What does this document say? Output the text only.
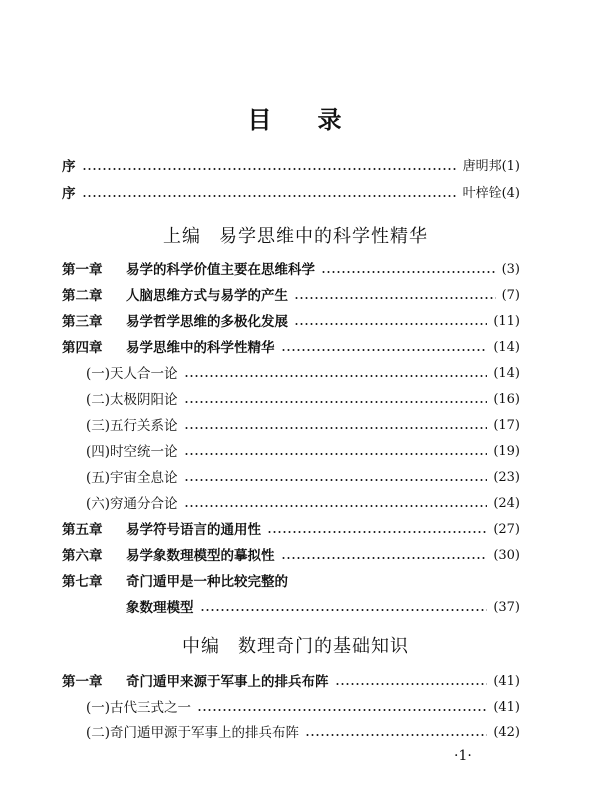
目 录
序	唐明邦(1)
序	叶梓铨(4)
上编 易学思维中的科学性精华
第一章 易学的科学价值主要在思维科学	(3)
第二章 人脑思维方式与易学的产生	(7)
第三章 易学哲学思维的多极化发展	(11)
第四章 易学思维中的科学性精华	(14)
(一)天人合一论	(14)
(二)太极阴阳论	(16)
(三)五行关系论	(17)
(四)时空统一论	(19)
(五)宇宙全息论	(23)
(六)穷通分合论	(24)
第五章 易学符号语言的通用性	(27)
第六章 易学象数理模型的摹拟性	(30)
第七章 奇门遁甲是一种比较完整的
象数理模型	(37)
中编 数理奇门的基础知识
第一章 奇门遁甲来源于军事上的排兵布阵	(41)
(一)古代三式之一	(41)
(二)奇门遁甲源于军事上的排兵布阵	(42)
·1·
